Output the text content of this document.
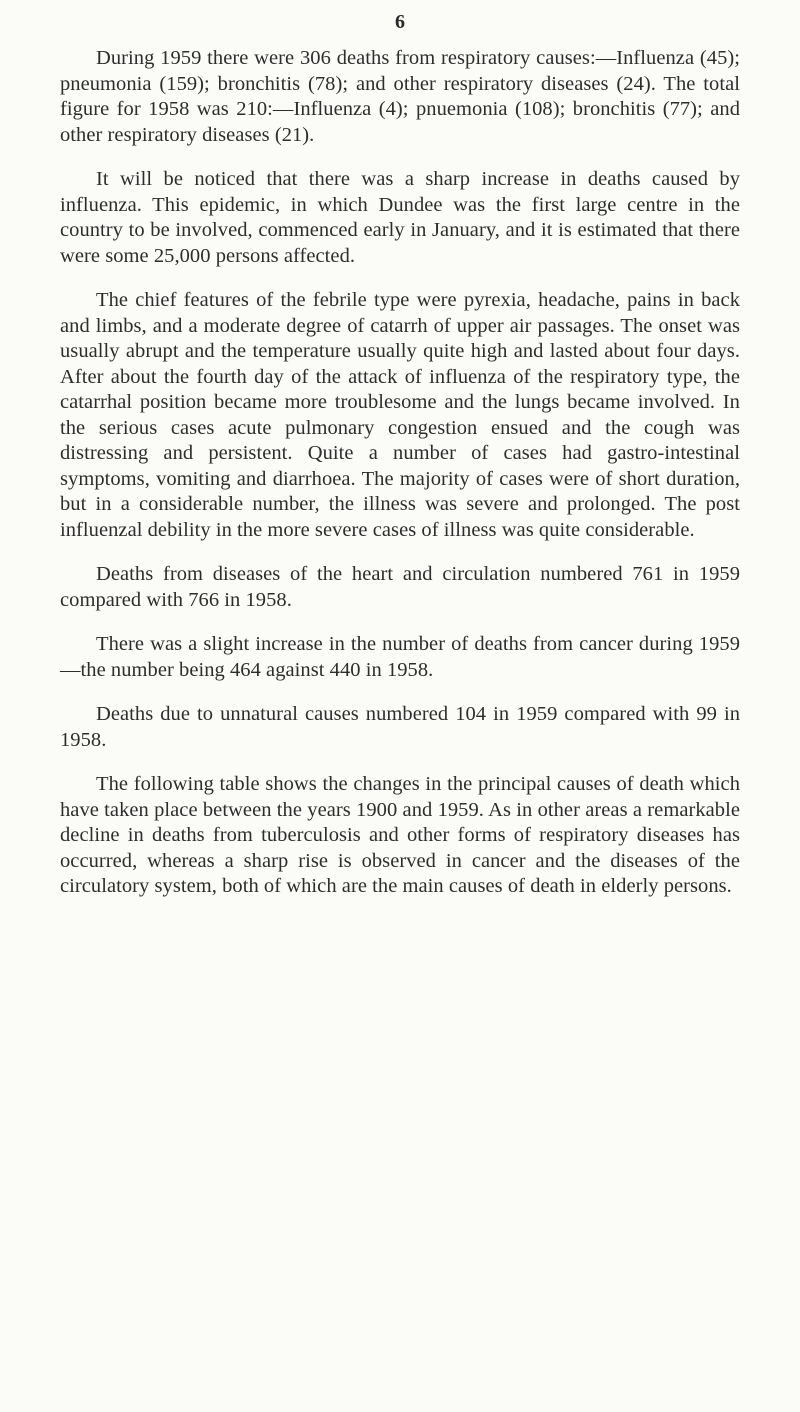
6

During 1959 there were 306 deaths from respiratory causes:—Influenza (45); pneumonia (159); bronchitis (78); and other respiratory diseases (24). The total figure for 1958 was 210:—Influenza (4); pnuemonia (108); bronchitis (77); and other respiratory diseases (21).

It will be noticed that there was a sharp increase in deaths caused by influenza. This epidemic, in which Dundee was the first large centre in the country to be involved, commenced early in January, and it is estimated that there were some 25,000 persons affected.

The chief features of the febrile type were pyrexia, headache, pains in back and limbs, and a moderate degree of catarrh of upper air passages. The onset was usually abrupt and the temperature usually quite high and lasted about four days. After about the fourth day of the attack of influenza of the respiratory type, the catarrhal position became more troublesome and the lungs became involved. In the serious cases acute pulmonary congestion ensued and the cough was distressing and persistent. Quite a number of cases had gastro-intestinal symptoms, vomiting and diarrhoea. The majority of cases were of short duration, but in a considerable number, the illness was severe and prolonged. The post influenzal debility in the more severe cases of illness was quite considerable.

Deaths from diseases of the heart and circulation numbered 761 in 1959 compared with 766 in 1958.

There was a slight increase in the number of deaths from cancer during 1959—the number being 464 against 440 in 1958.

Deaths due to unnatural causes numbered 104 in 1959 compared with 99 in 1958.

The following table shows the changes in the principal causes of death which have taken place between the years 1900 and 1959. As in other areas a remarkable decline in deaths from tuberculosis and other forms of respiratory diseases has occurred, whereas a sharp rise is observed in cancer and the diseases of the circulatory system, both of which are the main causes of death in elderly persons.
